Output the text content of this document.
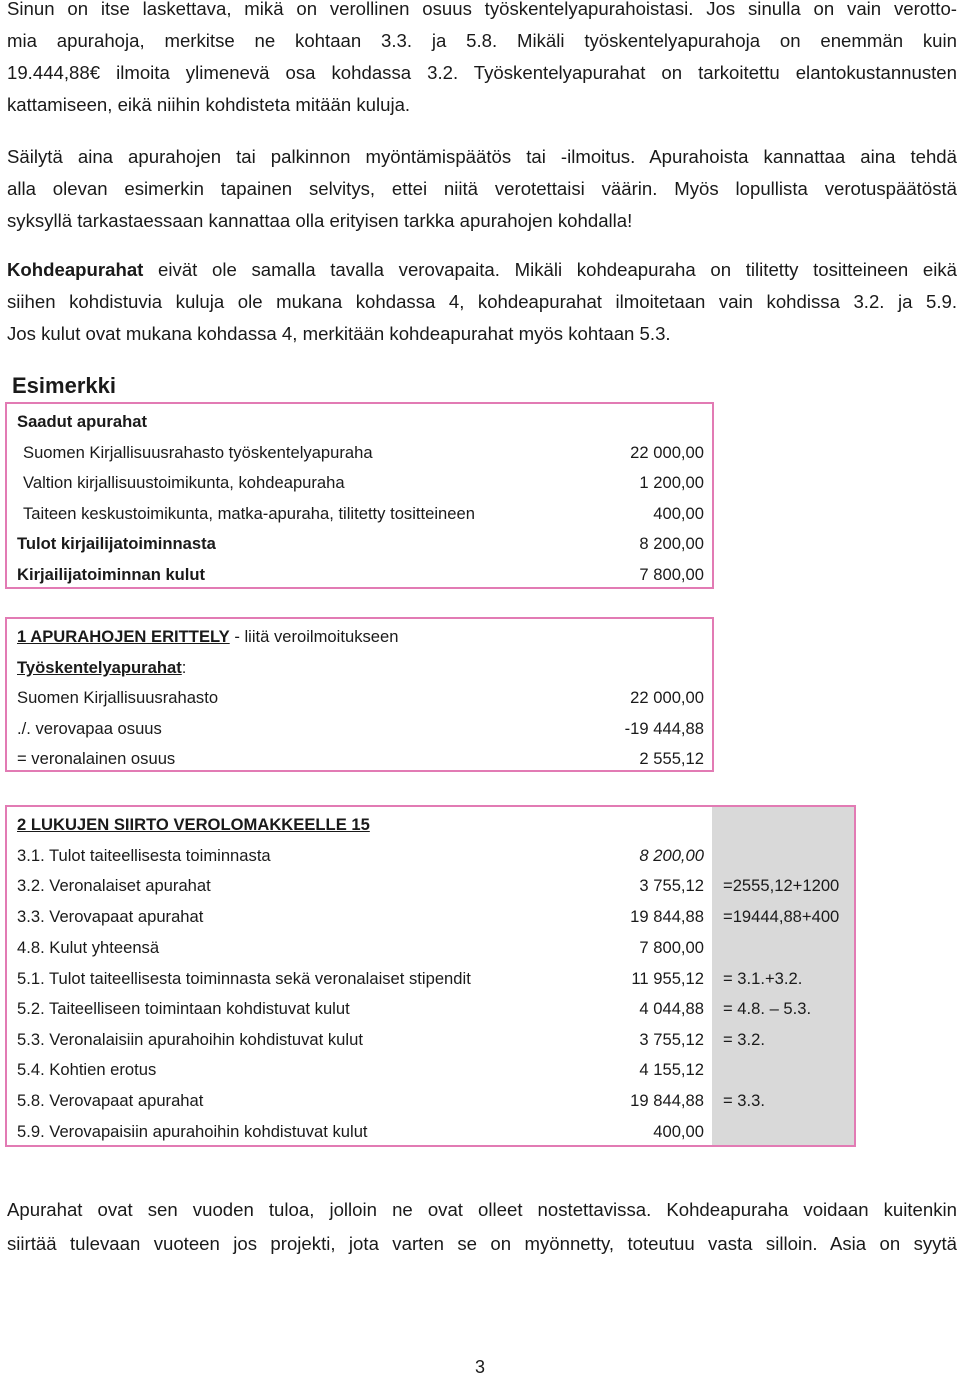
Sinun on itse laskettava, mikä on verollinen osuus työskentelyapurahoistasi. Jos sinulla on vain verotto-
mia apurahoja, merkitse ne kohtaan 3.3. ja 5.8. Mikäli työskentelyapurahoja on enemmän kuin
19.444,88€ ilmoita ylimenevä osa kohdassa 3.2. Työskentelyapurahat on tarkoitettu elantokustannusten
kattamiseen, eikä niihin kohdisteta mitään kuluja.
Säilytä aina apurahojen tai palkinnon myöntämispäätös tai -ilmoitus. Apurahoista kannattaa aina tehdä
alla olevan esimerkin tapainen selvitys, ettei niitä verotettaisi väärin. Myös lopullista verotuspäätöstä
syksyllä tarkastaessaan kannattaa olla erityisen tarkka apurahojen kohdalla!
Kohdeapurahat eivät ole samalla tavalla verovapaita. Mikäli kohdeapuraha on tilitetty tositteineen eikä
siihen kohdistuvia kuluja ole mukana kohdassa 4, kohdeapurahat ilmoitetaan vain kohdissa 3.2. ja 5.9.
Jos kulut ovat mukana kohdassa 4, merkitään kohdeapurahat myös kohtaan 5.3.
Esimerkki
Saadut apurahat
Suomen Kirjallisuusrahasto työskentelyapuraha	22 000,00
Valtion kirjallisuustoimikunta, kohdeapuraha	1 200,00
Taiteen keskustoimikunta, matka-apuraha, tilitetty tositteineen	400,00
Tulot kirjailijatoiminnasta	8 200,00
Kirjailijatoiminnan kulut	7 800,00
1 APURAHOJEN ERITTELY - liitä veroilmoitukseen
Työskentelyapurahat:
Suomen Kirjallisuusrahasto	22 000,00
./. verovapaa osuus	-19 444,88
= veronalainen osuus	2 555,12
2 LUKUJEN SIIRTO VEROLOMAKKEELLE 15
3.1. Tulot taiteellisesta toiminnasta	8 200,00
3.2. Veronalaiset apurahat	3 755,12 =2555,12+1200
3.3. Verovapaat apurahat	19 844,88 =19444,88+400
4.8. Kulut yhteensä	7 800,00
5.1. Tulot taiteellisesta toiminnasta sekä veronalaiset stipendit	11 955,12 = 3.1.+3.2.
5.2. Taiteelliseen toimintaan kohdistuvat kulut	4 044,88 = 4.8. – 5.3.
5.3. Veronalaisiin apurahoihin kohdistuvat kulut	3 755,12 = 3.2.
5.4. Kohtien erotus	4 155,12
5.8. Verovapaat apurahat	19 844,88 = 3.3.
5.9. Verovapaisiin apurahoihin kohdistuvat kulut	400,00
Apurahat ovat sen vuoden tuloa, jolloin ne ovat olleet nostettavissa. Kohdeapuraha voidaan kuitenkin
siirtää tulevaan vuoteen jos projekti, jota varten se on myönnetty, toteutuu vasta silloin. Asia on syytä
3
